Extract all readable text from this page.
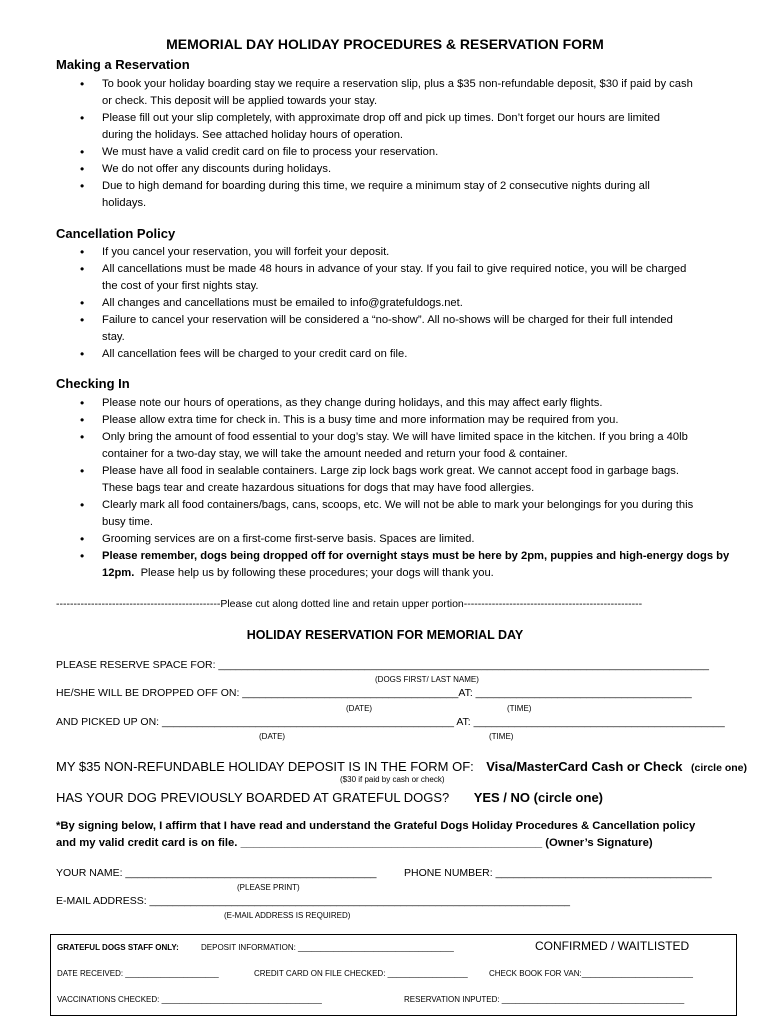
MEMORIAL DAY HOLIDAY PROCEDURES & RESERVATION FORM
Making a Reservation
• To book your holiday boarding stay we require a reservation slip, plus a $35 non-refundable deposit, $30 if paid by cash
or check. This deposit will be applied towards your stay.
• Please fill out your slip completely, with approximate drop off and pick up times. Don’t forget our hours are limited
during the holidays. See attached holiday hours of operation.
• We must have a valid credit card on file to process your reservation.
• We do not offer any discounts during holidays.
• Due to high demand for boarding during this time, we require a minimum stay of 2 consecutive nights during all
holidays.
Cancellation Policy
• If you cancel your reservation, you will forfeit your deposit.
• All cancellations must be made 48 hours in advance of your stay. If you fail to give required notice, you will be charged
the cost of your first nights stay.
• All changes and cancellations must be emailed to info@gratefuldogs.net.
• Failure to cancel your reservation will be considered a “no-show”. All no-shows will be charged for their full intended
stay.
• All cancellation fees will be charged to your credit card on file.
Checking In
• Please note our hours of operations, as they change during holidays, and this may affect early flights.
• Please allow extra time for check in. This is a busy time and more information may be required from you.
• Only bring the amount of food essential to your dog’s stay. We will have limited space in the kitchen. If you bring a 40lb
container for a two-day stay, we will take the amount needed and return your food & container.
• Please have all food in sealable containers. Large zip lock bags work great. We cannot accept food in garbage bags.
These bags tear and create hazardous situations for dogs that may have food allergies.
• Clearly mark all food containers/bags, cans, scoops, etc. We will not be able to mark your belongings for you during this
busy time.
• Grooming services are on a first-come first-serve basis. Spaces are limited.
• Please remember, dogs being dropped off for overnight stays must be here by 2pm, puppies and high-energy dogs by
12pm. Please help us by following these procedures; your dogs will thank you.
-----------------------------------------------Please cut along dotted line and retain upper portion---------------------------------------------------
HOLIDAY RESERVATION FOR MEMORIAL DAY
PLEASE RESERVE SPACE FOR: ____________________________________________________________________________________
(DOGS FIRST/ LAST NAME)
HE/SHE WILL BE DROPPED OFF ON: _____________________________________AT: _____________________________________
(DATE)	(TIME)
AND PICKED UP ON: __________________________________________________ AT: ___________________________________________
(DATE)	(TIME)
MY $35 NON-REFUNDABLE HOLIDAY DEPOSIT IS IN THE FORM OF: Visa/MasterCard Cash or Check (circle one)
($30 if paid by cash or check)
HAS YOUR DOG PREVIOUSLY BOARDED AT GRATEFUL DOGS? YES / NO (circle one)
*By signing below, I affirm that I have read and understand the Grateful Dogs Holiday Procedures & Cancellation policy
and my valid credit card is on file. ________________________________________________ (Owner’s Signature)
YOUR NAME: ___________________________________________	PHONE NUMBER: _____________________________________
(PLEASE PRINT)
E-MAIL ADDRESS: ________________________________________________________________________
(E-MAIL ADDRESS IS REQUIRED)
GRATEFUL DOGS STAFF ONLY:	DEPOSIT INFORMATION: ___________________________________	CONFIRMED / WAITLISTED
DATE RECEIVED: _____________________	CREDIT CARD ON FILE CHECKED: __________________	CHECK BOOK FOR VAN:_________________________
VACCINATIONS CHECKED: ____________________________________	RESERVATION INPUTED: _________________________________________
